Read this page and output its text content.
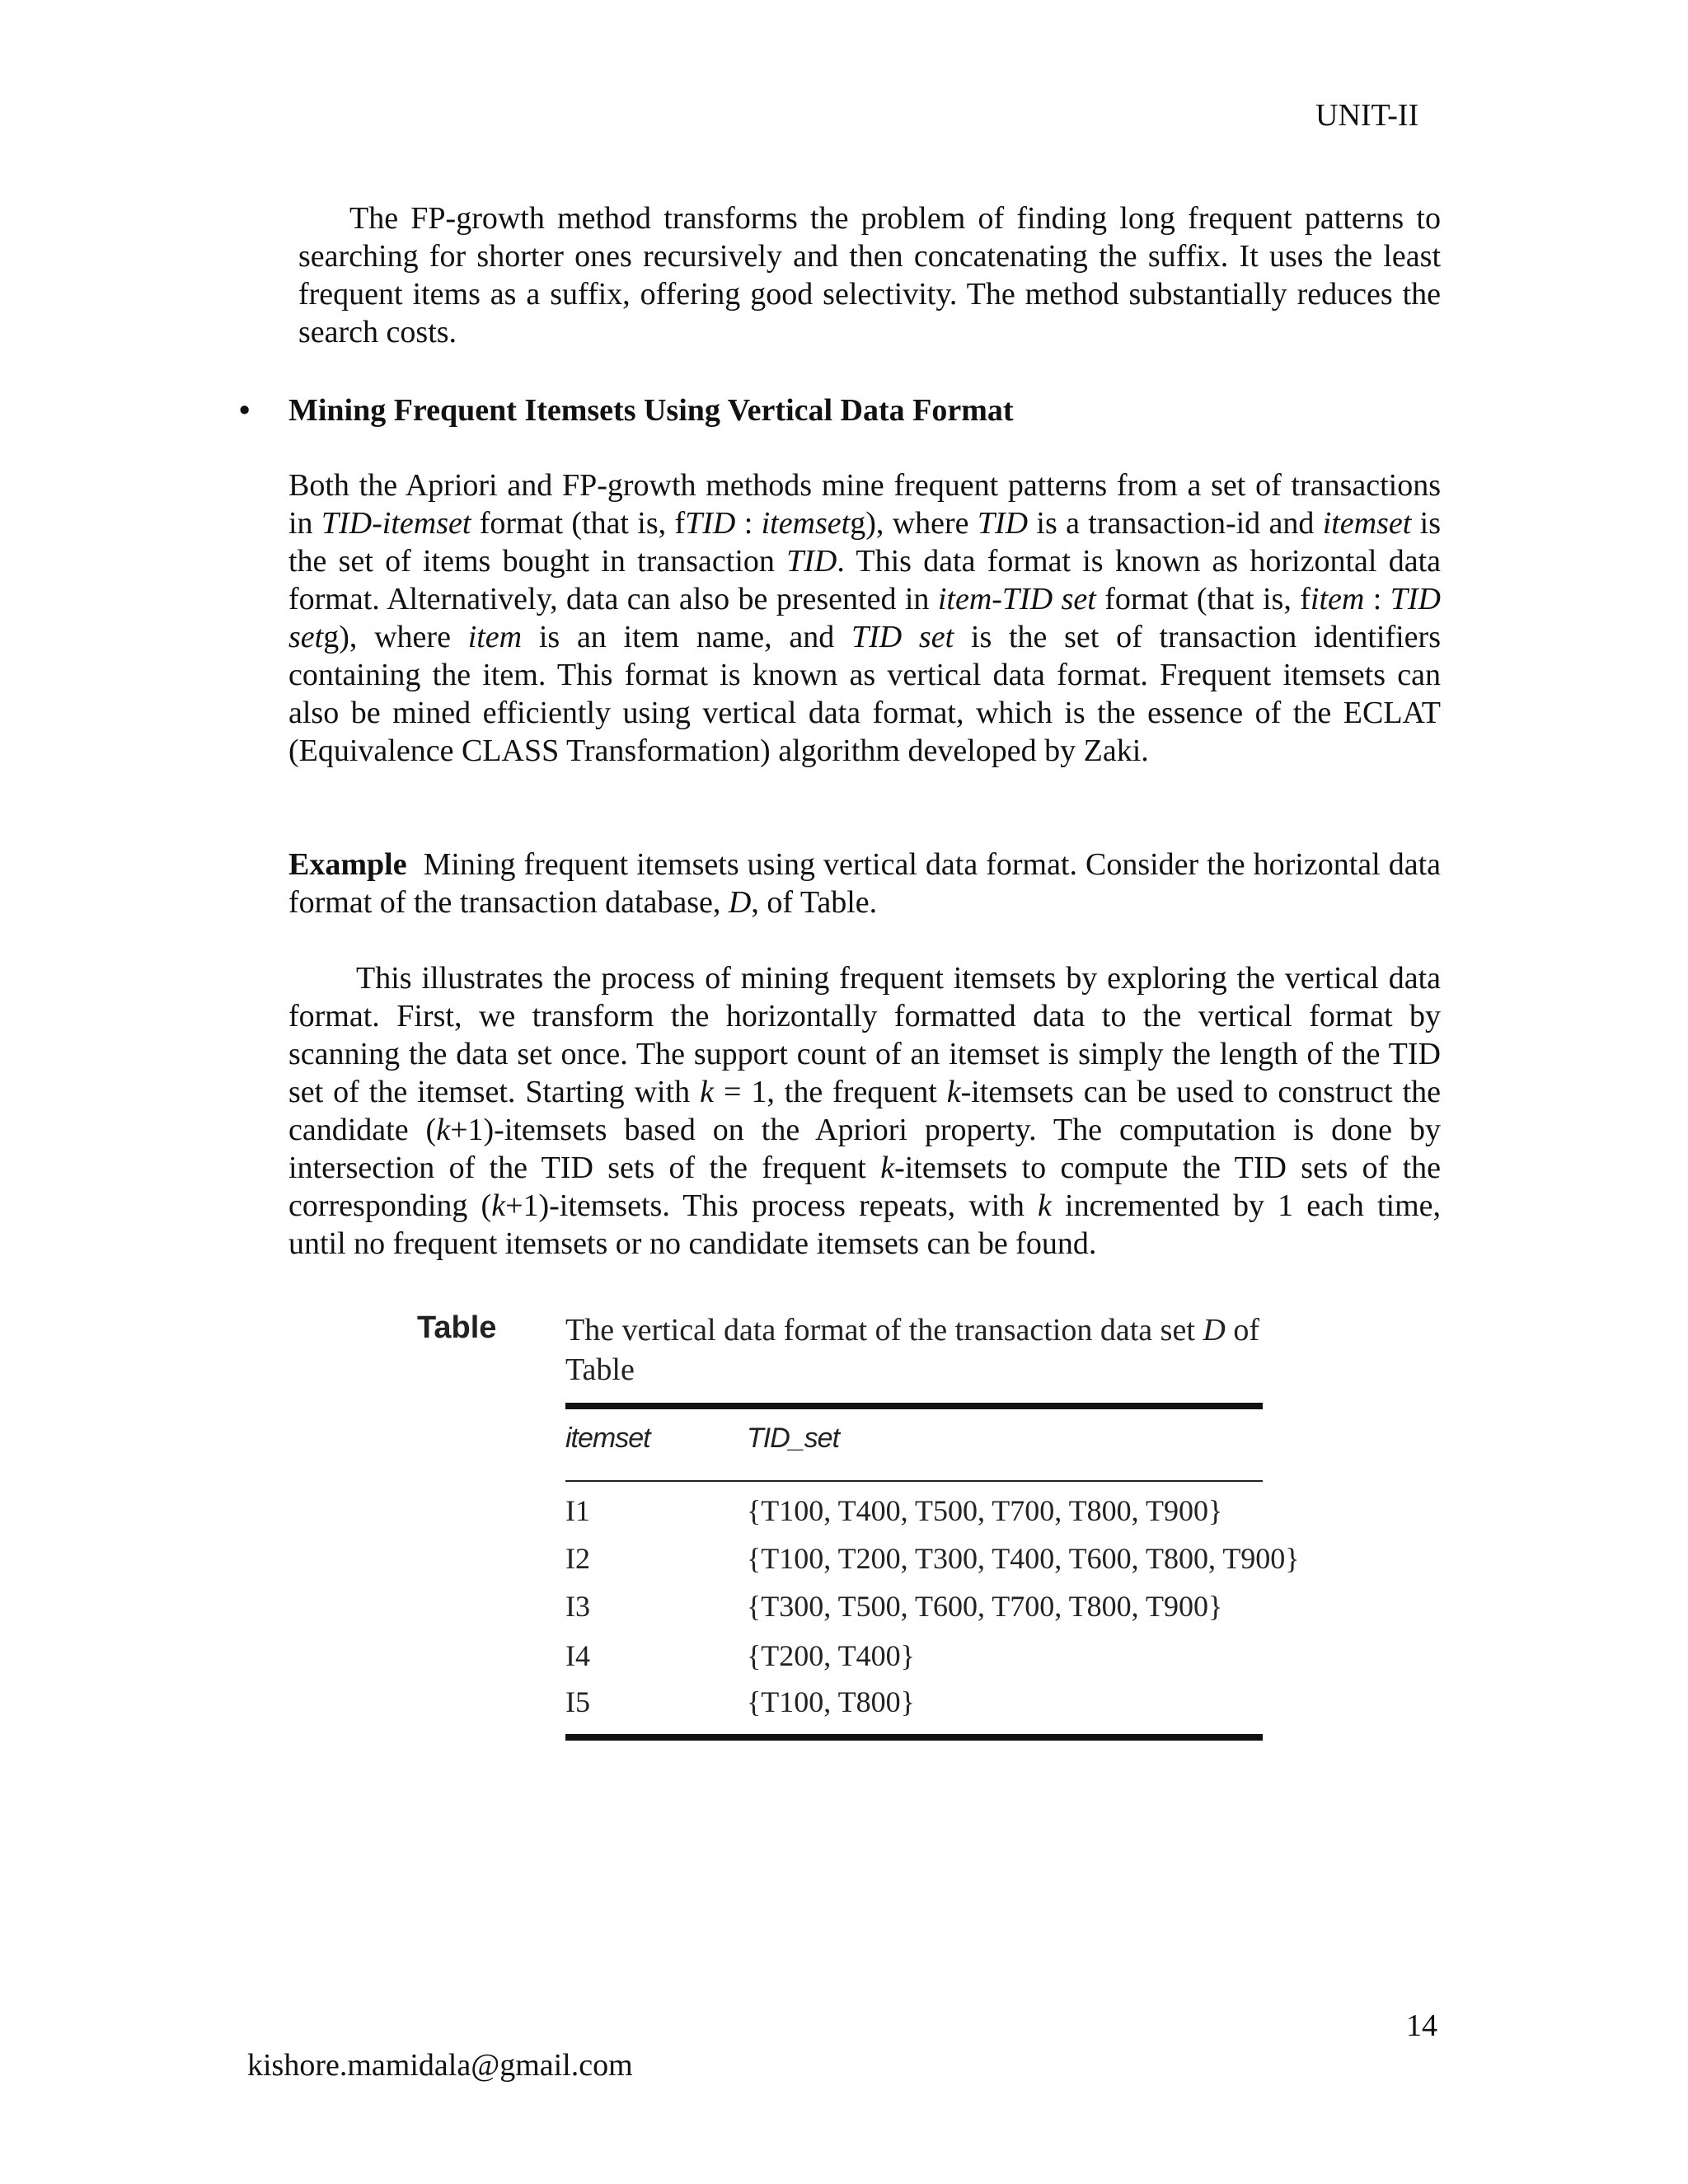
UNIT-II

The FP-growth method transforms the problem of finding long frequent patterns to searching for shorter ones recursively and then concatenating the suffix. It uses the least frequent items as a suffix, offering good selectivity. The method substantially reduces the search costs.

• Mining Frequent Itemsets Using Vertical Data Format

Both the Apriori and FP-growth methods mine frequent patterns from a set of transactions in TID-itemset format (that is, fTID : itemsetg), where TID is a transaction-id and itemset is the set of items bought in transaction TID. This data format is known as horizontal data format. Alternatively, data can also be presented in item-TID set format (that is, fitem : TID setg), where item is an item name, and TID set is the set of transaction identifiers containing the item. This format is known as vertical data format. Frequent itemsets can also be mined efficiently using vertical data format, which is the essence of the ECLAT (Equivalence CLASS Transformation) algorithm developed by Zaki.

Example  Mining frequent itemsets using vertical data format. Consider the horizontal data format of the transaction database, D, of Table.

This illustrates the process of mining frequent itemsets by exploring the vertical data format. First, we transform the horizontally formatted data to the vertical format by scanning the data set once. The support count of an itemset is simply the length of the TID set of the itemset. Starting with k = 1, the frequent k-itemsets can be used to construct the candidate (k+1)-itemsets based on the Apriori property. The computation is done by intersection of the TID sets of the frequent k-itemsets to compute the TID sets of the corresponding (k+1)-itemsets. This process repeats, with k incremented by 1 each time, until no frequent itemsets or no candidate itemsets can be found.

Table The vertical data format of the transaction data set D of Table
itemset	TID_set
I1	{T100, T400, T500, T700, T800, T900}
I2	{T100, T200, T300, T400, T600, T800, T900}
I3	{T300, T500, T600, T700, T800, T900}
I4	{T200, T400}
I5	{T100, T800}
14
kishore.mamidala@gmail.com
